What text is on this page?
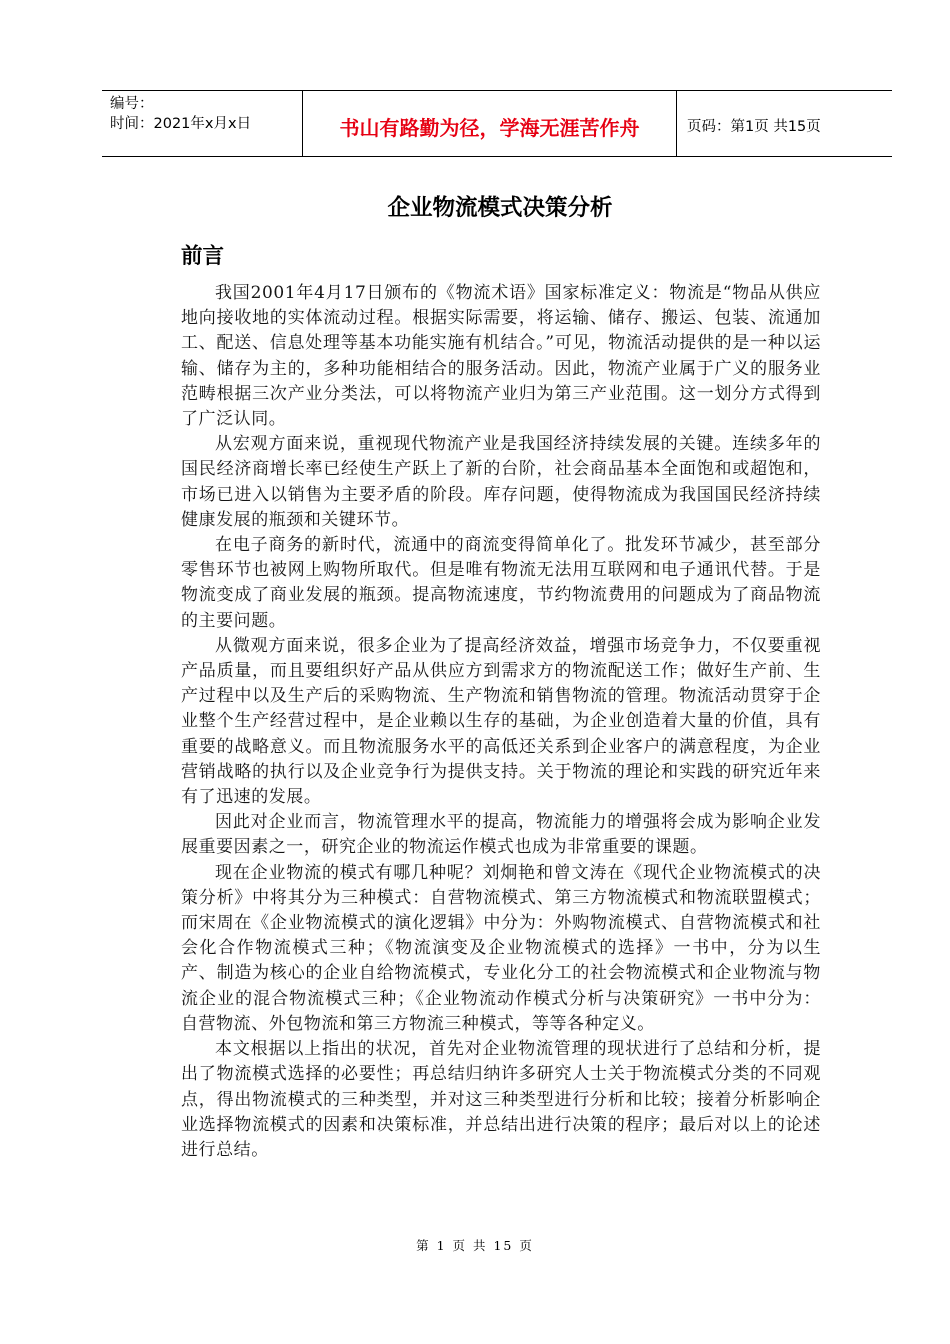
编号：
时间：2021年x月x日	书山有路勤为径，学海无涯苦作舟	页码：第1页 共15页
企业物流模式决策分析
前言

我国2001年4月17日颁布的《物流术语》国家标准定义：物流是“物品从供应地向接收地的实体流动过程。根据实际需要，将运输、储存、搬运、包装、流通加工、配送、信息处理等基本功能实施有机结合。”可见，物流活动提供的是一种以运输、储存为主的，多种功能相结合的服务活动。因此，物流产业属于广义的服务业范畴根据三次产业分类法，可以将物流产业归为第三产业范围。这一划分方式得到了广泛认同。

从宏观方面来说，重视现代物流产业是我国经济持续发展的关键。连续多年的国民经济商增长率已经使生产跃上了新的台阶，社会商品基本全面饱和或超饱和，市场已进入以销售为主要矛盾的阶段。库存问题，使得物流成为我国国民经济持续健康发展的瓶颈和关键环节。

在电子商务的新时代，流通中的商流变得简单化了。批发环节减少，甚至部分零售环节也被网上购物所取代。但是唯有物流无法用互联网和电子通讯代替。于是物流变成了商业发展的瓶颈。提高物流速度，节约物流费用的问题成为了商品物流的主要问题。

从微观方面来说，很多企业为了提高经济效益，增强市场竞争力，不仅要重视产品质量，而且要组织好产品从供应方到需求方的物流配送工作；做好生产前、生产过程中以及生产后的采购物流、生产物流和销售物流的管理。物流活动贯穿于企业整个生产经营过程中，是企业赖以生存的基础，为企业创造着大量的价值，具有重要的战略意义。而且物流服务水平的高低还关系到企业客户的满意程度，为企业营销战略的执行以及企业竞争行为提供支持。关于物流的理论和实践的研究近年来有了迅速的发展。

因此对企业而言，物流管理水平的提高，物流能力的增强将会成为影响企业发展重要因素之一，研究企业的物流运作模式也成为非常重要的课题。

现在企业物流的模式有哪几种呢？刘炯艳和曾文涛在《现代企业物流模式的决策分析》中将其分为三种模式：自营物流模式、第三方物流模式和物流联盟模式；而宋周在《企业物流模式的演化逻辑》中分为：外购物流模式、自营物流模式和社会化合作物流模式三种；《物流演变及企业物流模式的选择》一书中，分为以生产、制造为核心的企业自给物流模式，专业化分工的社会物流模式和企业物流与物流企业的混合物流模式三种；《企业物流动作模式分析与决策研究》一书中分为：自营物流、外包物流和第三方物流三种模式，等等各种定义。

本文根据以上指出的状况，首先对企业物流管理的现状进行了总结和分析，提出了物流模式选择的必要性；再总结归纳许多研究人士关于物流模式分类的不同观点，得出物流模式的三种类型，并对这三种类型进行分析和比较；接着分析影响企业选择物流模式的因素和决策标准，并总结出进行决策的程序；最后对以上的论述进行总结。

第 1 页 共 15 页
